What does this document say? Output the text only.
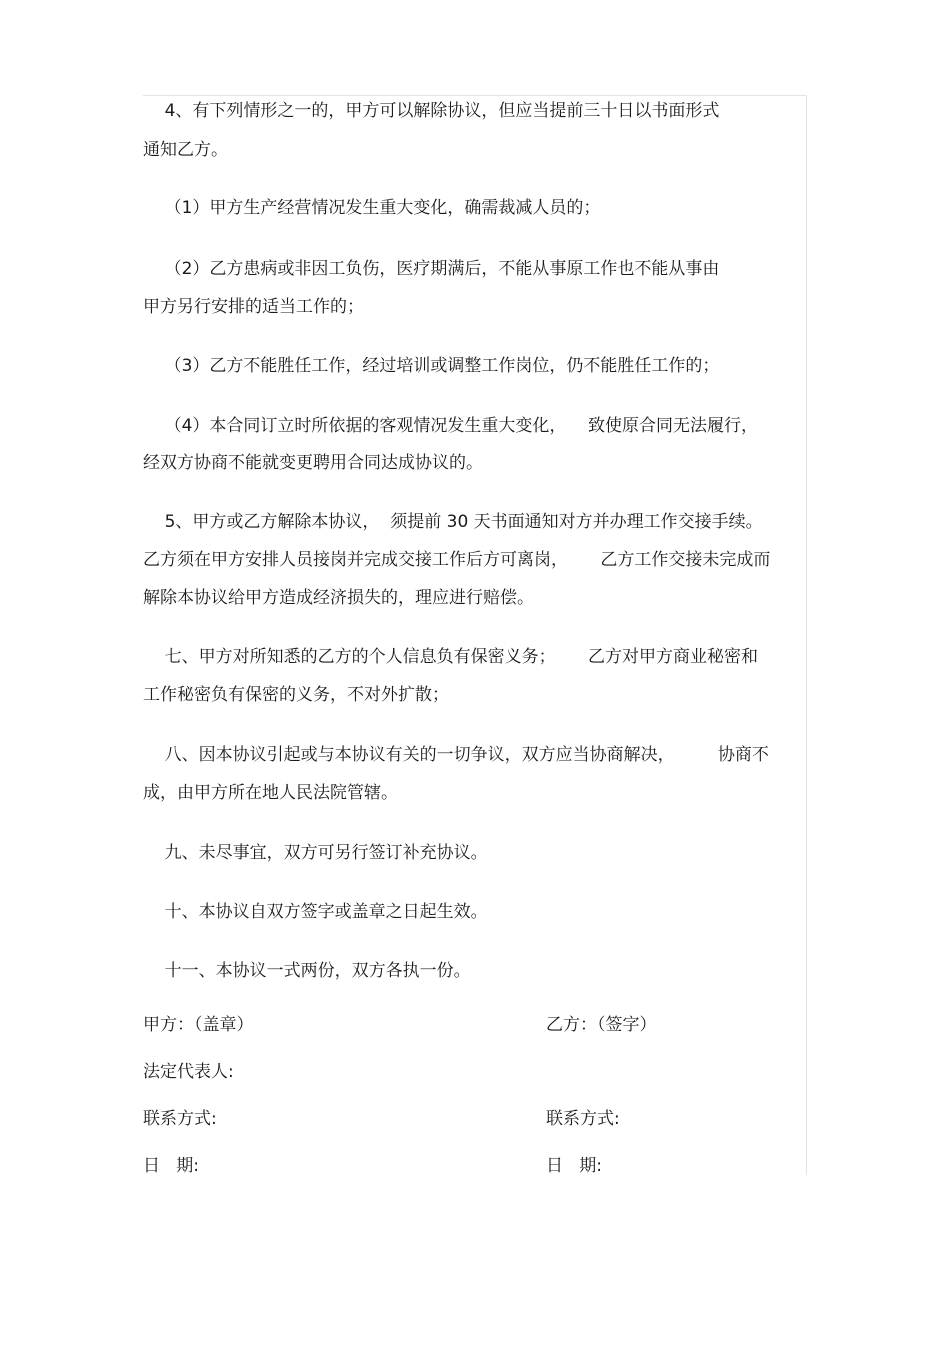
4、有下列情形之一的，甲方可以解除协议，但应当提前三十日以书面形式
通知乙方。
（1）甲方生产经营情况发生重大变化，确需裁减人员的；
（2）乙方患病或非因工负伤，医疗期满后，不能从事原工作也不能从事由
甲方另行安排的适当工作的；
（3）乙方不能胜任工作，经过培训或调整工作岗位，仍不能胜任工作的；
（4）本合同订立时所依据的客观情况发生重大变化，    致使原合同无法履行，
经双方协商不能就变更聘用合同达成协议的。
5、甲方或乙方解除本协议，  须提前 30 天书面通知对方并办理工作交接手续。
乙方须在甲方安排人员接岗并完成交接工作后方可离岗，      乙方工作交接未完成而
解除本协议给甲方造成经济损失的，理应进行赔偿。
七、甲方对所知悉的乙方的个人信息负有保密义务；      乙方对甲方商业秘密和
工作秘密负有保密的义务，不对外扩散；
八、因本协议引起或与本协议有关的一切争议，双方应当协商解决，        协商不
成，由甲方所在地人民法院管辖。
九、未尽事宜，双方可另行签订补充协议。
十、本协议自双方签字或盖章之日起生效。
十一、本协议一式两份，双方各执一份。
甲方：（盖章）	乙方：（签字）
法定代表人:
联系方式:	联系方式:
日   期:	日   期:
